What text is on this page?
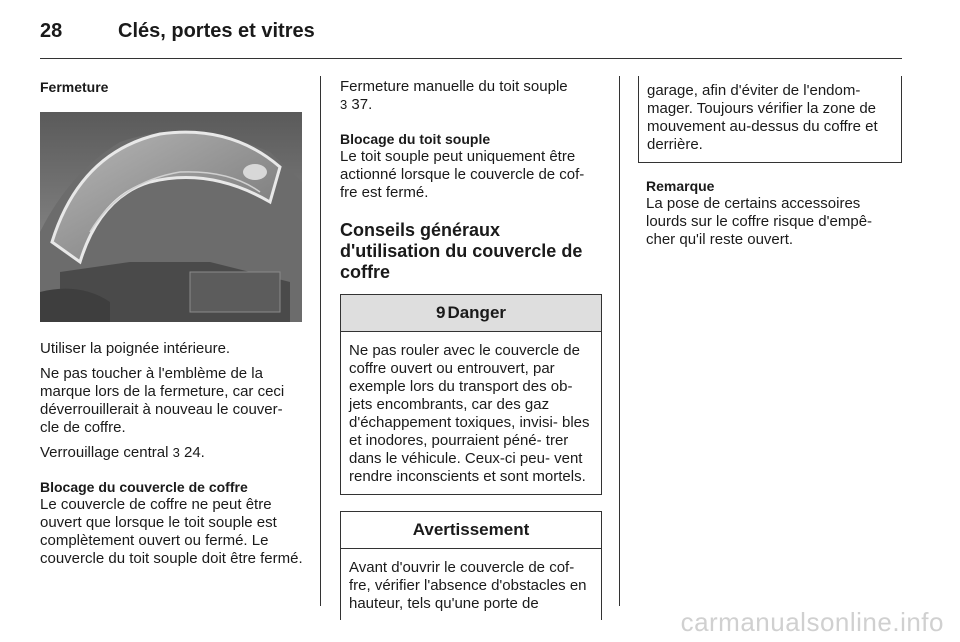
28	Clés, portes et vitres
Fermeture

Utiliser la poignée intérieure.

Ne pas toucher à l'emblème de la marque lors de la fermeture, car ceci déverrouillerait à nouveau le couver- cle de coffre.

Verrouillage central 3 24.

Blocage du couvercle de coffre

Le couvercle de coffre ne peut être ouvert que lorsque le toit souple est complètement ouvert ou fermé. Le couvercle du toit souple doit être fermé.

Fermeture manuelle du toit souple
3 37.

Blocage du toit souple

Le toit souple peut uniquement être actionné lorsque le couvercle de cof- fre est fermé.

Conseils généraux d'utilisation du couvercle de coffre
9 Danger

Ne pas rouler avec le couvercle de coffre ouvert ou entrouvert, par exemple lors du transport des ob- jets encombrants, car des gaz d'échappement toxiques, invisi- bles et inodores, pourraient péné- trer dans le véhicule. Ceux-ci peu- vent rendre inconscients et sont mortels.

Avertissement

Avant d'ouvrir le couvercle de cof- fre, vérifier l'absence d'obstacles en hauteur, tels qu'une porte de

garage, afin d'éviter de l'endom- mager. Toujours vérifier la zone de mouvement au-dessus du coffre et derrière.

Remarque

La pose de certains accessoires lourds sur le coffre risque d'empê- cher qu'il reste ouvert.

carmanualsonline.info
